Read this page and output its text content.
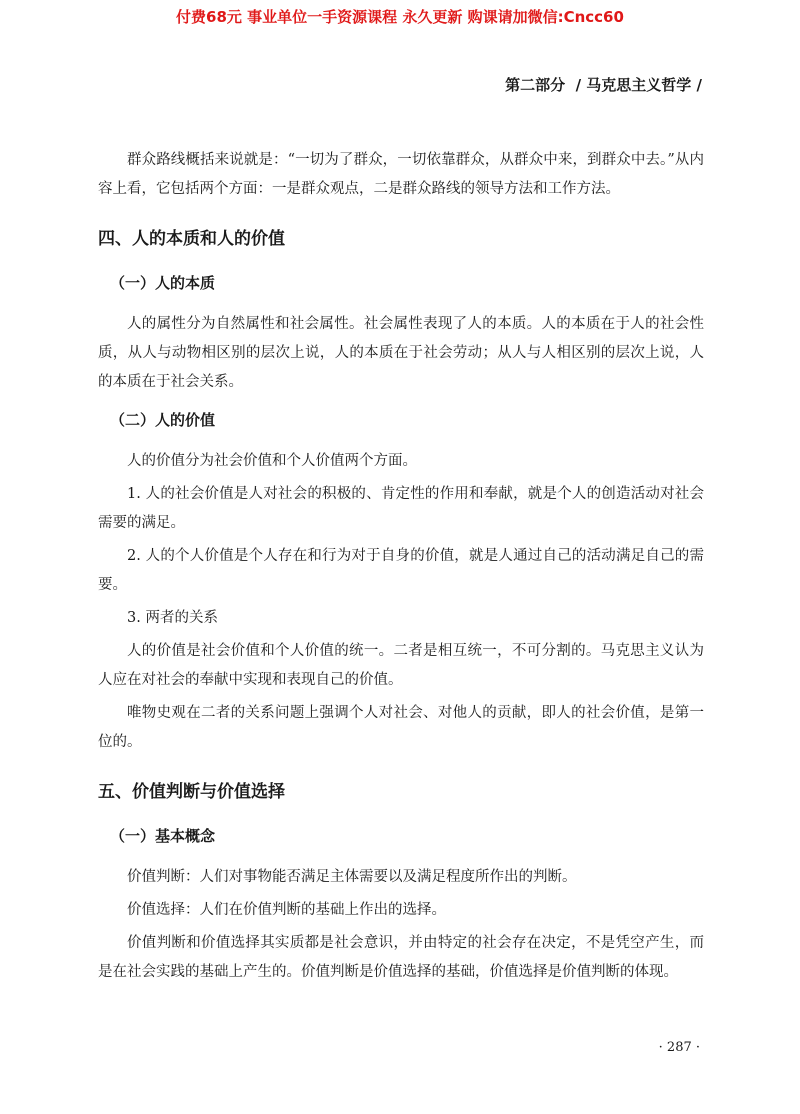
付费68元 事业单位一手资源课程 永久更新 购课请加微信:Cncc60
第二部分  / 马克思主义哲学 /

群众路线概括来说就是：“一切为了群众，一切依靠群众，从群众中来，到群众中去。”从内容上看，它包括两个方面：一是群众观点，二是群众路线的领导方法和工作方法。

四、人的本质和人的价值
（一）人的本质

人的属性分为自然属性和社会属性。社会属性表现了人的本质。人的本质在于人的社会性质，从人与动物相区别的层次上说，人的本质在于社会劳动；从人与人相区别的层次上说，人的本质在于社会关系。

（二）人的价值

人的价值分为社会价值和个人价值两个方面。

1. 人的社会价值是人对社会的积极的、肯定性的作用和奉献，就是个人的创造活动对社会需要的满足。

2. 人的个人价值是个人存在和行为对于自身的价值，就是人通过自己的活动满足自己的需要。

3. 两者的关系

人的价值是社会价值和个人价值的统一。二者是相互统一，不可分割的。马克思主义认为人应在对社会的奉献中实现和表现自己的价值。

唯物史观在二者的关系问题上强调个人对社会、对他人的贡献，即人的社会价值，是第一位的。

五、价值判断与价值选择
（一）基本概念

价值判断：人们对事物能否满足主体需要以及满足程度所作出的判断。

价值选择：人们在价值判断的基础上作出的选择。

价值判断和价值选择其实质都是社会意识，并由特定的社会存在决定，不是凭空产生，而是在社会实践的基础上产生的。价值判断是价值选择的基础，价值选择是价值判断的体现。

· 287 ·
